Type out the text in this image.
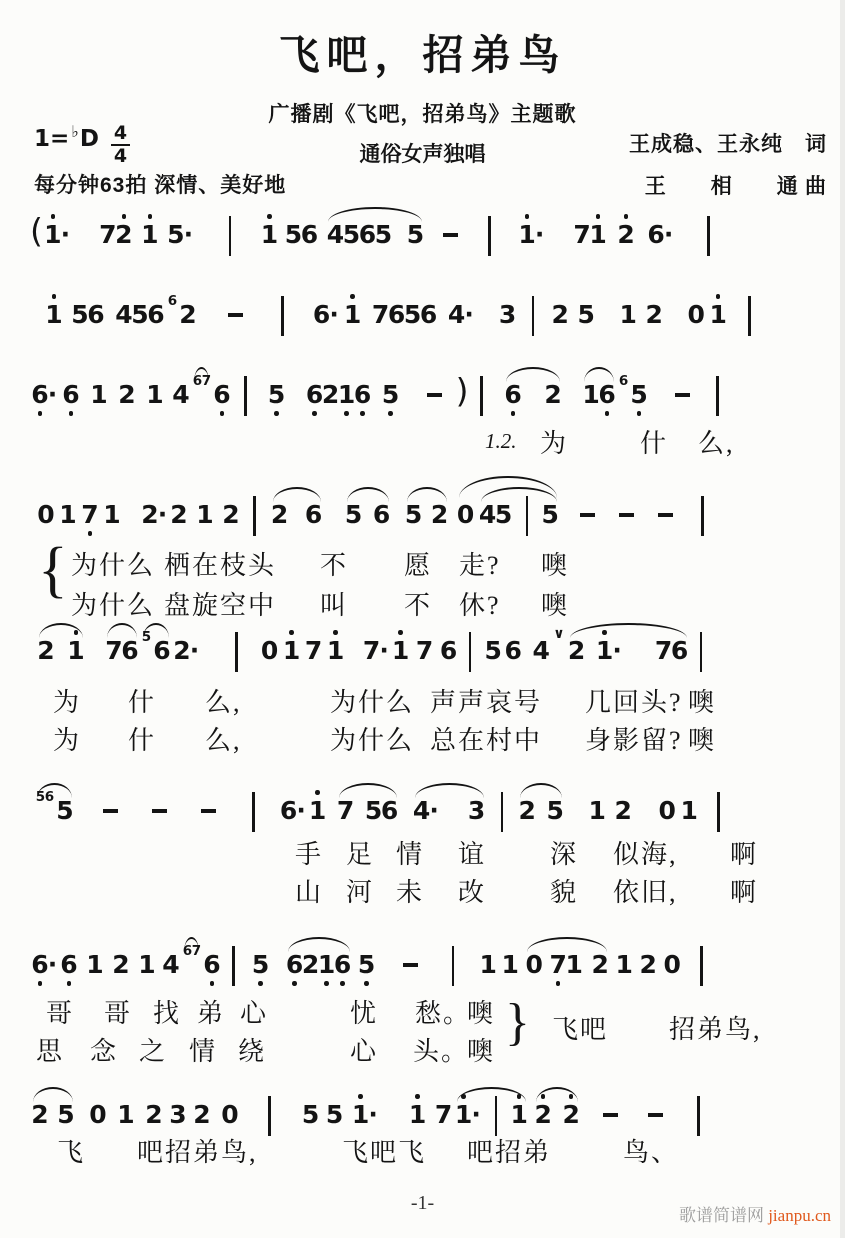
飞吧，招弟鸟
广播剧《飞吧，招弟鸟》主题歌
通俗女声独唱
1= ♭ D $\frac{4}{4}$
每分钟63拍 深情、美好地
王成稳、王永纯　词
王　　相　　通 曲
( 1 · 7
2 1 5 ·	1 5
6 4
5
6
5 5	1 · 7
1 2 6 ·
1 5
6 4
5
6 6 2	6 · 1 7
6
5
6 4 · 3 2 5 1 2 0 1
6 · 6 1 2 1 4 6 7 6 5 6
2
1
6 5 ) 6 2 1
6 6 5
1.2. 为	什 么,
0 1 7 1 2 · 2 1 2 2 6 5 6 5 2 0 4
5 5
{ 为什么 栖在枝头 不 愿 走? 噢
为什么 盘旋空中 叫 不 休? 噢
2 1 7
6 5 6 2 · 0 1 7 1 7 · 1 7 6 5 6 4
∨
2 1 · 7
6
为 什 么,	为什么 声声哀号 几回头? 噢
为 什 么,	为什么 总在村中 身影留? 噢
5 6 5	6 · 1 7 5
6 4 · 3 2 5 1 2 0 1
手 足 情 谊 深 似海, 啊
山 河 未 改 貌 依旧, 啊
6 · 6 1 2 1 4 6 7 6 5 6
2
1
6 5	1 1 0 7
1 2 1 2 0
哥 哥 找 弟 心	忧 愁。
噢 } 飞吧 招弟鸟,
思 念 之 情 绕	心 头。
噢
2 5 0 1 2 3 2 0	5 5 1 · 1 7 1 · 1 2 2
飞 吧招弟鸟,	飞吧飞 吧招弟	鸟、
-1-
歌谱简谱网 jianpu.cn
